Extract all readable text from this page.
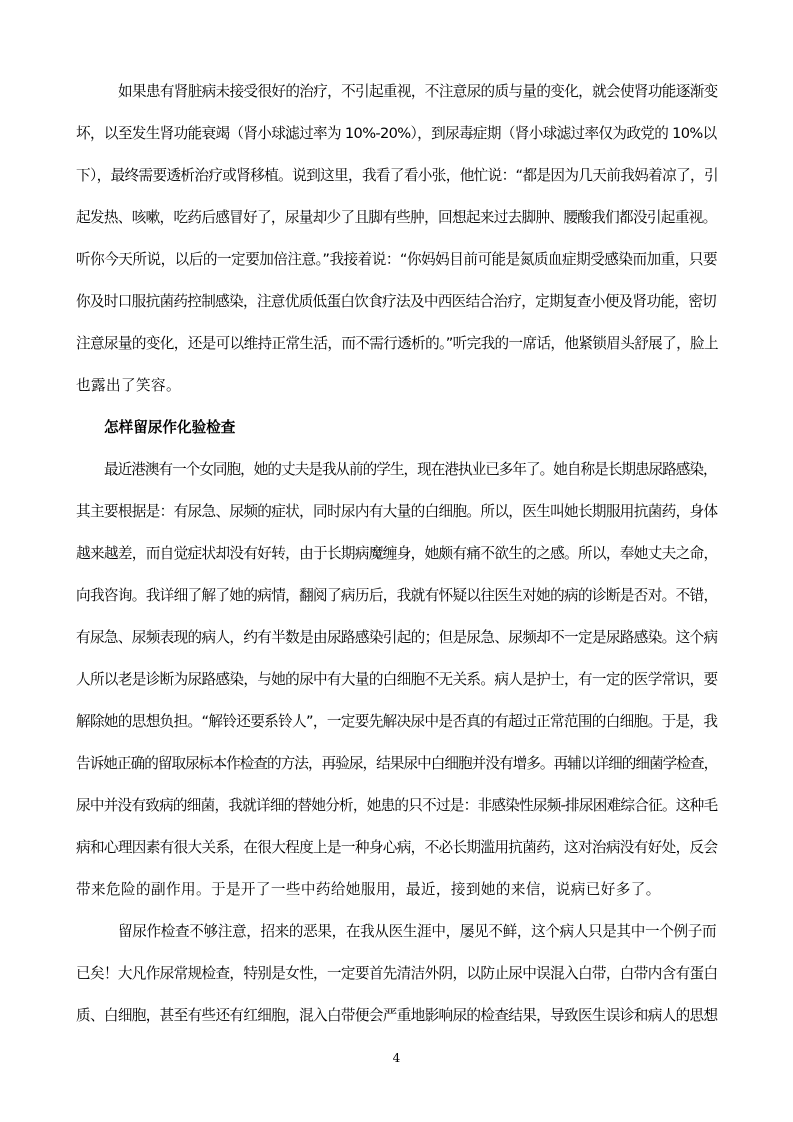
如果患有肾脏病未接受很好的治疗，不引起重视，不注意尿的质与量的变化，就会使肾功能逐渐变

坏，以至发生肾功能衰竭（肾小球滤过率为 10%-20%），到尿毒症期（肾小球滤过率仅为政党的 10%以

下），最终需要透析治疗或肾移植。说到这里，我看了看小张，他忙说：“都是因为几天前我妈着凉了，引

起发热、咳嗽，吃药后感冒好了，尿量却少了且脚有些肿，回想起来过去脚肿、腰酸我们都没引起重视。

听你今天所说，以后的一定要加倍注意。”我接着说：“你妈妈目前可能是氮质血症期受感染而加重，只要

你及时口服抗菌药控制感染，注意优质低蛋白饮食疗法及中西医结合治疗，定期复查小便及肾功能，密切

注意尿量的变化，还是可以维持正常生活，而不需行透析的。”听完我的一席话，他紧锁眉头舒展了，脸上

也露出了笑容。

怎样留尿作化验检查

最近港澳有一个女同胞，她的丈夫是我从前的学生，现在港执业已多年了。她自称是长期患尿路感染，

其主要根据是：有尿急、尿频的症状，同时尿内有大量的白细胞。所以，医生叫她长期服用抗菌药，身体

越来越差，而自觉症状却没有好转，由于长期病魔缠身，她颇有痛不欲生的之感。所以，奉她丈夫之命，

向我咨询。我详细了解了她的病情，翻阅了病历后，我就有怀疑以往医生对她的病的诊断是否对。不错，

有尿急、尿频表现的病人，约有半数是由尿路感染引起的；但是尿急、尿频却不一定是尿路感染。这个病

人所以老是诊断为尿路感染，与她的尿中有大量的白细胞不无关系。病人是护士，有一定的医学常识，要

解除她的思想负担。“解铃还要系铃人”，一定要先解决尿中是否真的有超过正常范围的白细胞。于是，我

告诉她正确的留取尿标本作检查的方法，再验尿，结果尿中白细胞并没有增多。再辅以详细的细菌学检查，

尿中并没有致病的细菌，我就详细的替她分析，她患的只不过是：非感染性尿频-排尿困难综合征。这种毛

病和心理因素有很大关系，在很大程度上是一种身心病，不必长期滥用抗菌药，这对治病没有好处，反会

带来危险的副作用。于是开了一些中药给她服用，最近，接到她的来信，说病已好多了。

留尿作检查不够注意，招来的恶果，在我从医生涯中，屡见不鲜，这个病人只是其中一个例子而

已矣！大凡作尿常规检查，特别是女性，一定要首先清洁外阴，以防止尿中误混入白带，白带内含有蛋白

质、白细胞，甚至有些还有红细胞，混入白带便会严重地影响尿的检查结果，导致医生误诊和病人的思想

4
